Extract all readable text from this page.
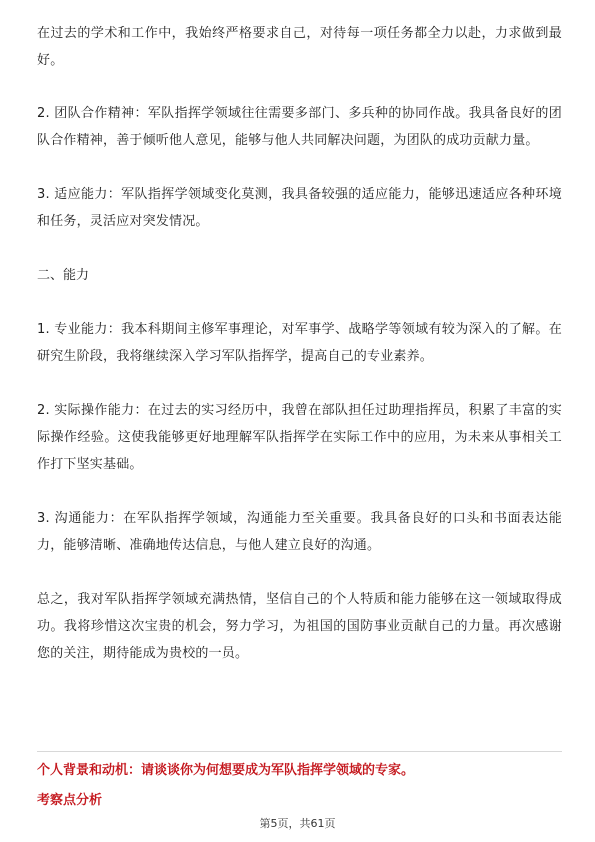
在过去的学术和工作中，我始终严格要求自己，对待每一项任务都全力以赴，力求做到最好。

2. 团队合作精神：军队指挥学领域往往需要多部门、多兵种的协同作战。我具备良好的团队合作精神，善于倾听他人意见，能够与他人共同解决问题，为团队的成功贡献力量。

3. 适应能力：军队指挥学领域变化莫测，我具备较强的适应能力，能够迅速适应各种环境和任务，灵活应对突发情况。

二、能力

1. 专业能力：我本科期间主修军事理论，对军事学、战略学等领域有较为深入的了解。在研究生阶段，我将继续深入学习军队指挥学，提高自己的专业素养。

2. 实际操作能力：在过去的实习经历中，我曾在部队担任过助理指挥员，积累了丰富的实际操作经验。这使我能够更好地理解军队指挥学在实际工作中的应用，为未来从事相关工作打下坚实基础。

3. 沟通能力：在军队指挥学领域，沟通能力至关重要。我具备良好的口头和书面表达能力，能够清晰、准确地传达信息，与他人建立良好的沟通。

总之，我对军队指挥学领域充满热情，坚信自己的个人特质和能力能够在这一领域取得成功。我将珍惜这次宝贵的机会，努力学习，为祖国的国防事业贡献自己的力量。再次感谢您的关注，期待能成为贵校的一员。

个人背景和动机：请谈谈你为何想要成为军队指挥学领域的专家。
考察点分析
第5页，共61页
